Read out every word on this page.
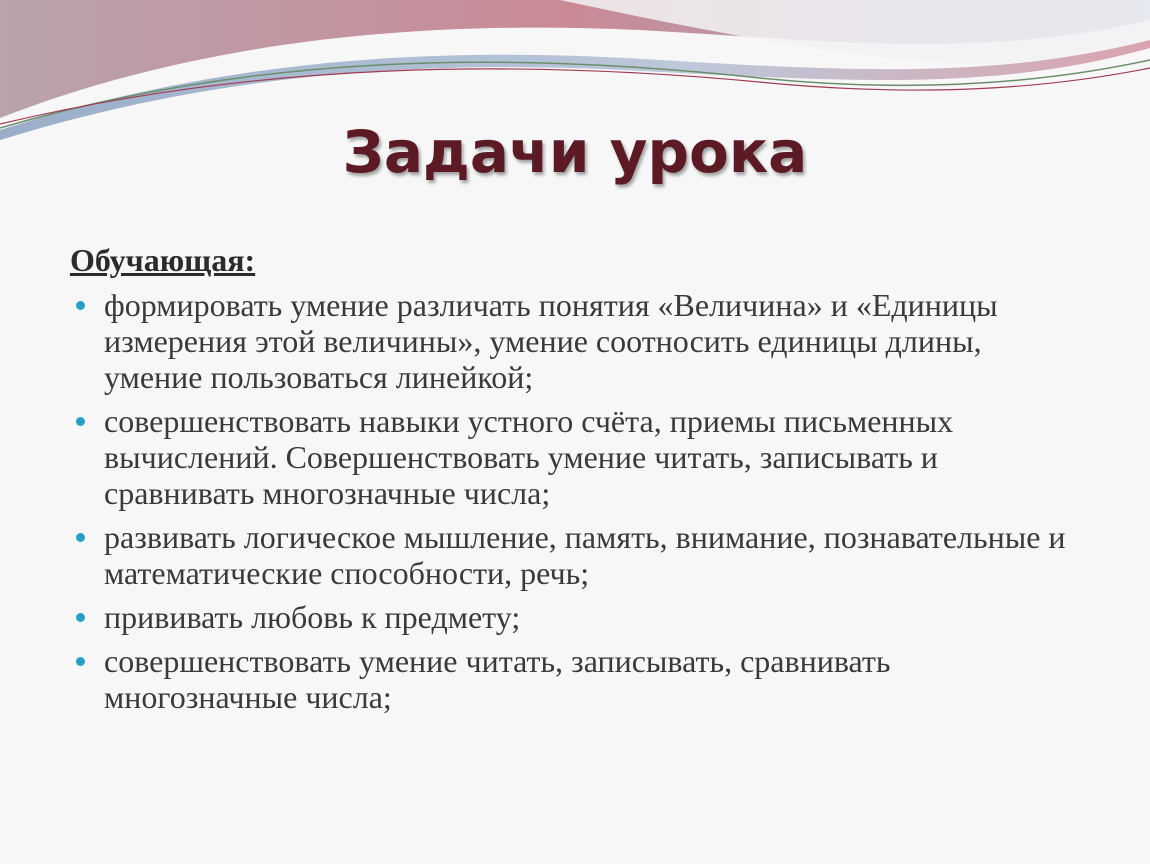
Задачи урока
Обучающая:
формировать умение различать понятия «Величина» и «Единицы измерения этой величины», умение соотносить единицы длины, умение пользоваться линейкой;
совершенствовать навыки устного счёта, приемы письменных вычислений. Совершенствовать умение читать, записывать и сравнивать многозначные числа;
развивать логическое мышление, память, внимание, познавательные и математические способности, речь;
прививать любовь к предмету;
совершенствовать умение читать, записывать, сравнивать многозначные числа;
